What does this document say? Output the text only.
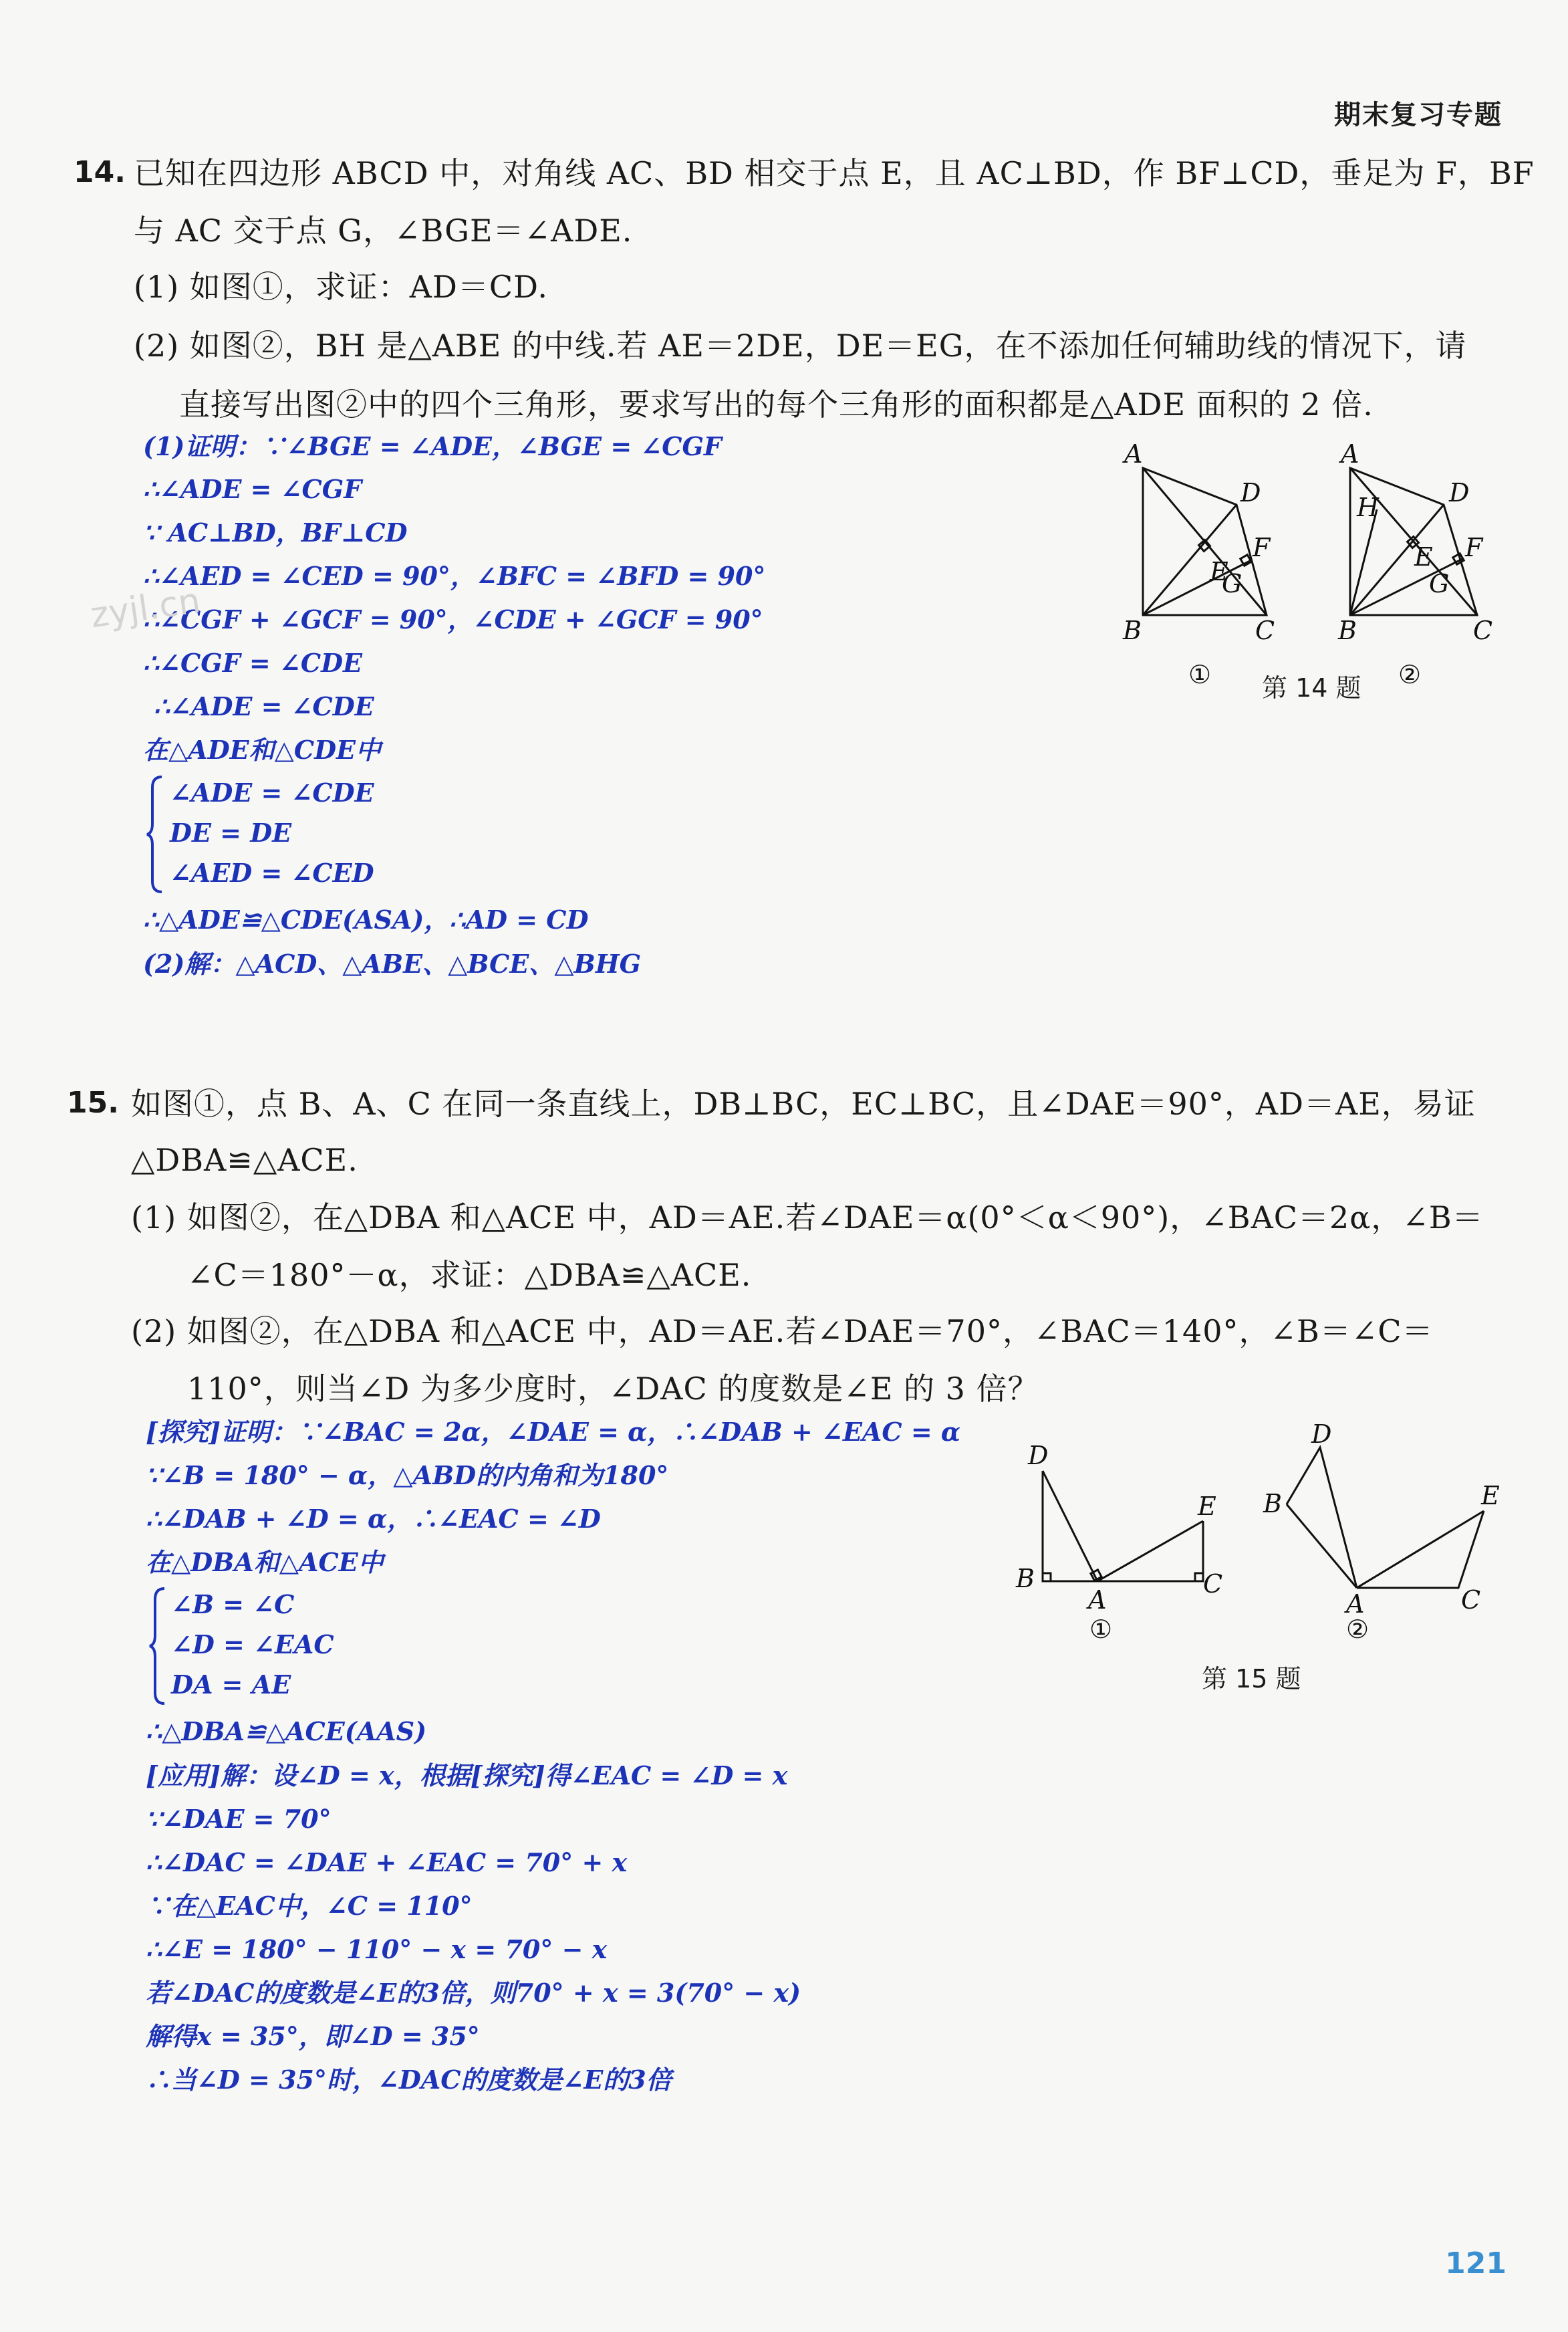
期末复习专题
14. 已知在四边形 ABCD 中，对角线 AC、BD 相交于点 E，且 AC⊥BD，作 BF⊥CD，垂足为 F，BF
与 AC 交于点 G，∠BGE＝∠ADE.
(1) 如图①，求证：AD＝CD.
(2) 如图②，BH 是△ABE 的中线.若 AE＝2DE，DE＝EG，在不添加任何辅助线的情况下，请
直接写出图②中的四个三角形，要求写出的每个三角形的面积都是△ADE 面积的 2 倍.
(1)证明：∵∠BGE = ∠ADE，∠BGE = ∠CGF
∴∠ADE = ∠CGF
∵ AC⊥BD，BF⊥CD
∴∠AED = ∠CED = 90°，∠BFC = ∠BFD = 90°
∴∠CGF + ∠GCF = 90°，∠CDE + ∠GCF = 90°
∴∠CGF = ∠CDE
∴∠ADE = ∠CDE
在△ADE和△CDE中
∠ADE = ∠CDE
DE = DE
∠AED = ∠CED
∴△ADE≌△CDE(ASA)，∴AD = CD
(2)解：△ACD、△ABE、△BCE、△BHG
A
D
E
F
G
B	C
①
A
D
H
E F
G
B	C
②
第 14 题
15. 如图①，点 B、A、C 在同一条直线上，DB⊥BC，EC⊥BC，且∠DAE＝90°，AD＝AE，易证
△DBA≌△ACE.
(1) 如图②，在△DBA 和△ACE 中，AD＝AE.若∠DAE＝α(0°＜α＜90°)，∠BAC＝2α，∠B＝
∠C＝180°－α，求证：△DBA≌△ACE.
(2) 如图②，在△DBA 和△ACE 中，AD＝AE.若∠DAE＝70°，∠BAC＝140°，∠B＝∠C＝
110°，则当∠D 为多少度时，∠DAC 的度数是∠E 的 3 倍？
[探究]证明：∵∠BAC = 2α，∠DAE = α，∴∠DAB + ∠EAC = α
∵∠B = 180° − α，△ABD的内角和为180°
∴∠DAB + ∠D = α，∴∠EAC = ∠D
在△DBA和△ACE中
∠B = ∠C
∠D = ∠EAC
DA = AE
∴△DBA≌△ACE(AAS)
[应用]解：设∠D = x，根据[探究]得∠EAC = ∠D = x
∵∠DAE = 70°
∴∠DAC = ∠DAE + ∠EAC = 70° + x
∵在△EAC中，∠C = 110°
∴∠E = 180° − 110° − x = 70° − x
若∠DAC的度数是∠E的3倍，则70° + x = 3(70° − x)
解得x = 35°，即∠D = 35°
∴当∠D = 35°时，∠DAC的度数是∠E的3倍
D
B
A
E
C
①
D
B
A
E
C
②
第 15 题
zyjl.cn
121
